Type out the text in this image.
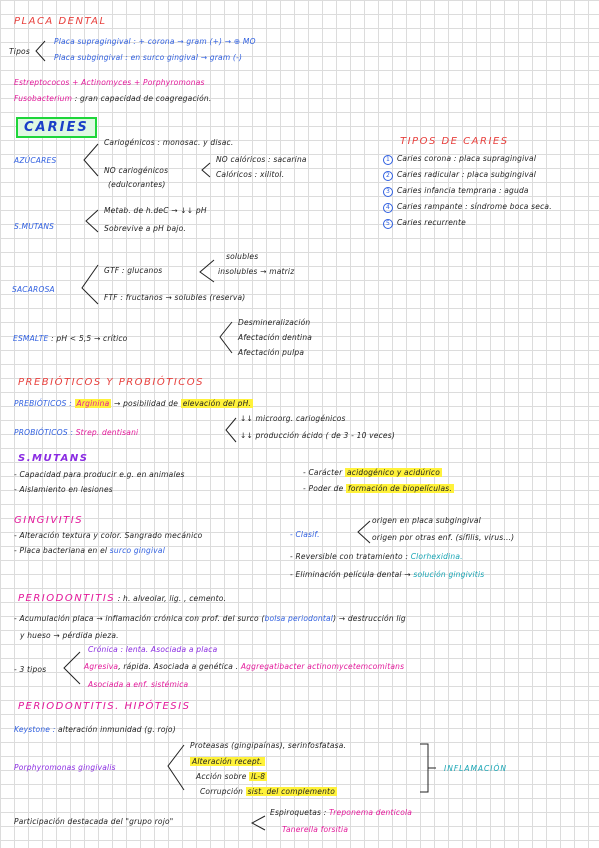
PLACA DENTAL
Tipos
Placa supragingival : + corona → gram (+) → ⊕ MO
Placa subgingival : en surco gingival → gram (-)
Estreptococos + Actinomyces + Porphyromonas
Fusobacterium : gran capacidad de coagregación.
CARIES
AZÚCARES
Cariogénicos : monosac. y disac.
NO cariogénicos
(edulcorantes)
NO calóricos : sacarina
Calóricos : xilitol.
S.MUTANS
Metab. de h.deC → ↓↓ pH
Sobrevive a pH bajo.
SACAROSA
GTF : glucanos
solubles
insolubles → matriz
FTF : fructanos → solubles (reserva)
ESMALTE : pH < 5,5 → crítico
Desmineralización
Afectación dentina
Afectación pulpa
TIPOS DE CARIES
1 Caries corona : placa supragingival
2 Caries radicular : placa subgingival
3 Caries infancia temprana : aguda
4 Caries rampante : síndrome boca seca.
5 Caries recurrente
PREBIÓTICOS Y PROBIÓTICOS
PREBIÓTICOS : Arginina → posibilidad de elevación del pH.
PROBIÓTICOS : Strep. dentisani
↓↓ microorg. cariogénicos
↓↓ producción ácido ( de 3 - 10 veces)
S.MUTANS
- Capacidad para producir e.g. en animales
- Aislamiento en lesiones
- Carácter acidogénico y acidúrico
- Poder de formación de biopelículas.
GINGIVITIS
- Alteración textura y color. Sangrado mecánico
- Placa bacteriana en el surco gingival
- Clasif.
origen en placa subgingival
origen por otras enf. (sífilis, virus...)
- Reversible con tratamiento : Clorhexidina.
- Eliminación película dental → solución gingivitis
PERIODONTITIS : h. alveolar, lig. , cemento.
- Acumulación placa → inflamación crónica con prof. del surco (bolsa periodontal) → destrucción lig
y hueso → pérdida pieza.
- 3 tipos
Crónica : lenta. Asociada a placa
Agresiva, rápida. Asociada a genética . Aggregatibacter actinomycetemcomitans
Asociada a enf. sistémica
PERIODONTITIS. HIPÓTESIS
Keystone : alteración inmunidad (g. rojo)
Porphyromonas gingivalis
Proteasas (gingipaínas), serinfosfatasa.
Alteración recept.
Acción sobre IL-8
Corrupción sist. del complemento
INFLAMACIÓN
Participación destacada del "grupo rojo"
Espiroquetas : Treponema denticola
Tanerella forsitia
